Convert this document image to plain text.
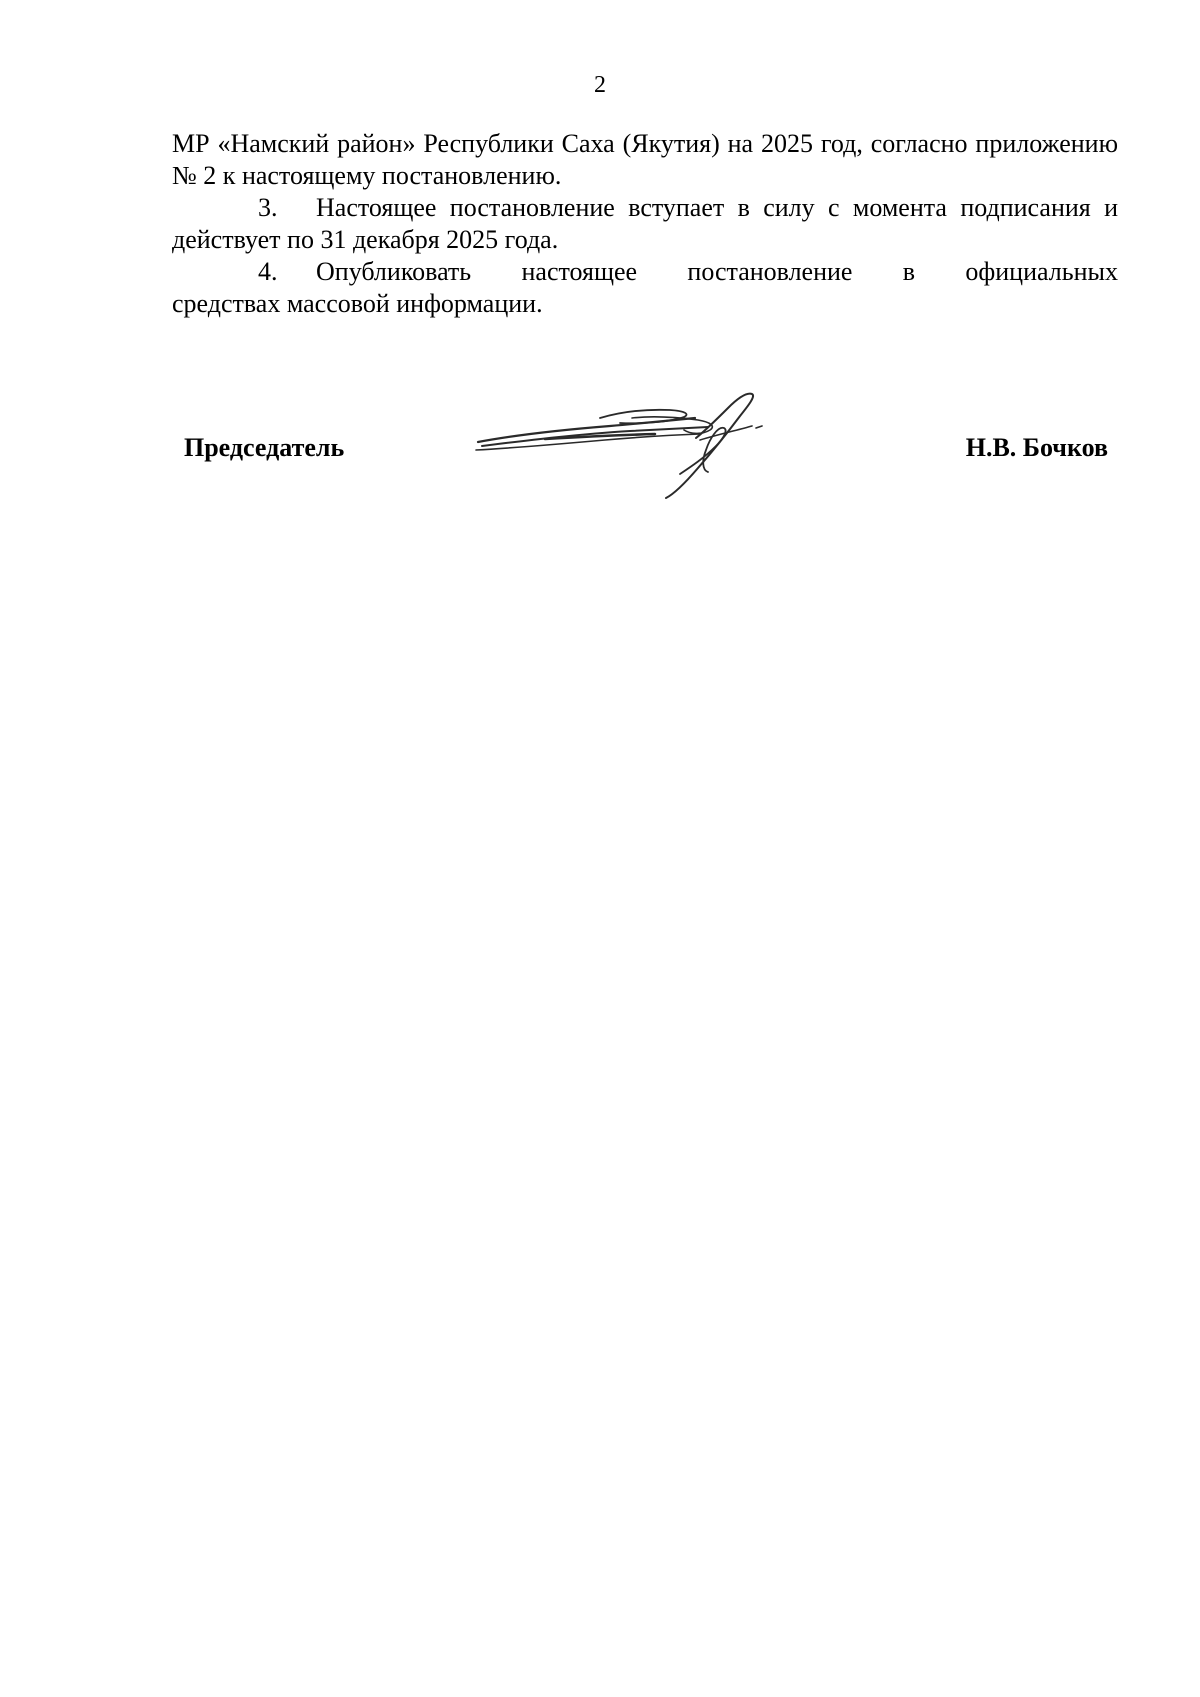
2

МР «Намский район» Республики Саха (Якутия) на 2025 год, согласно приложению № 2 к настоящему постановлению.

3. Настоящее постановление вступает в силу с момента подписания и действует по 31 декабря 2025 года.

4. Опубликовать настоящее постановление в официальных

средствах массовой информации.

Председатель	Н.В. Бочков
